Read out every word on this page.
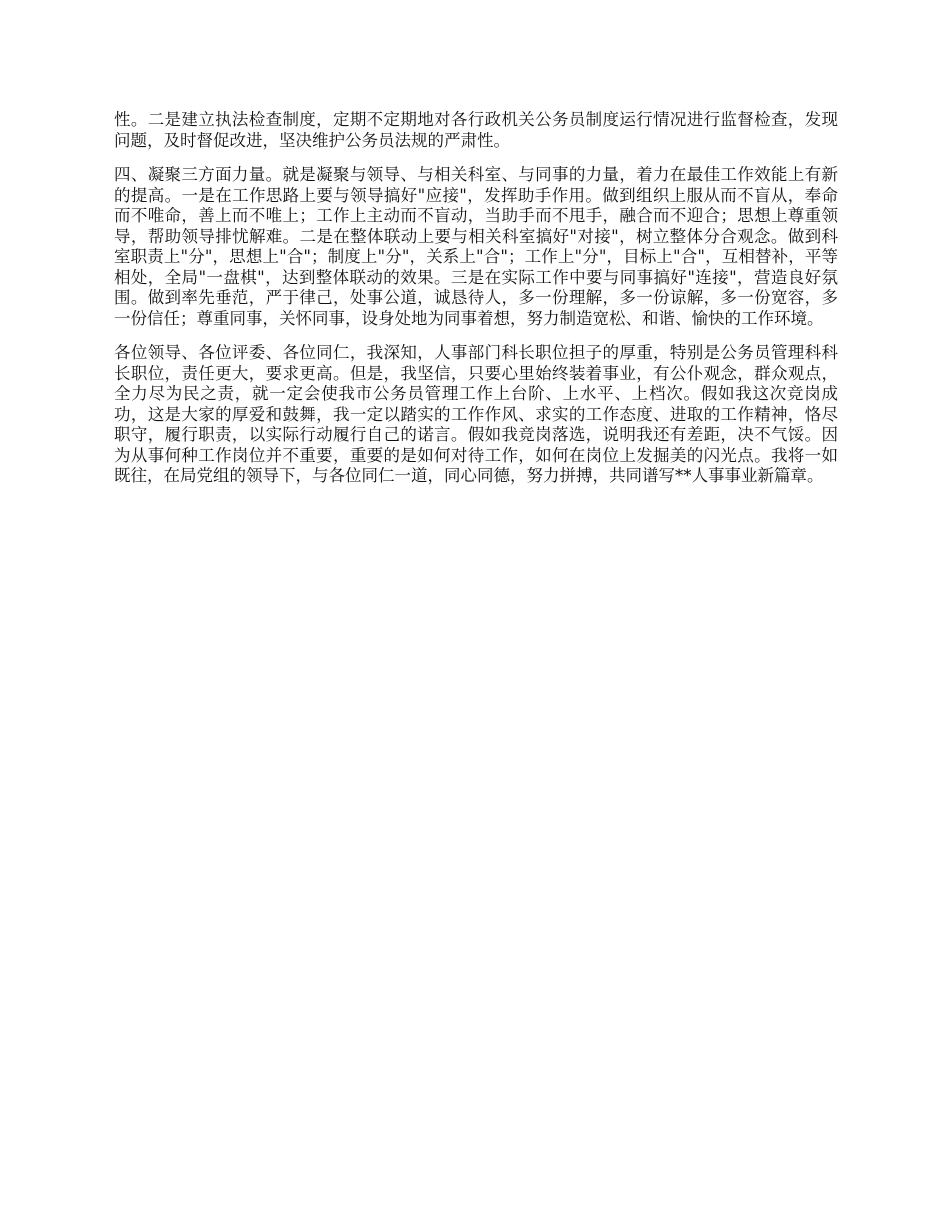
性。二是建立执法检查制度，定期不定期地对各行政机关公务员制度运行情况进行监督检查，发现问题，及时督促改进，坚决维护公务员法规的严肃性。

四、凝聚三方面力量。就是凝聚与领导、与相关科室、与同事的力量，着力在最佳工作效能上有新的提高。一是在工作思路上要与领导搞好"应接"，发挥助手作用。做到组织上服从而不盲从，奉命而不唯命，善上而不唯上；工作上主动而不盲动，当助手而不甩手，融合而不迎合；思想上尊重领导，帮助领导排忧解难。二是在整体联动上要与相关科室搞好"对接"，树立整体分合观念。做到科室职责上"分"，思想上"合"；制度上"分"，关系上"合"；工作上"分"，目标上"合"，互相替补，平等相处，全局"一盘棋"，达到整体联动的效果。三是在实际工作中要与同事搞好"连接"，营造良好氛围。做到率先垂范，严于律己，处事公道，诚恳待人，多一份理解，多一份谅解，多一份宽容，多一份信任；尊重同事，关怀同事，设身处地为同事着想，努力制造宽松、和谐、愉快的工作环境。

各位领导、各位评委、各位同仁，我深知，人事部门科长职位担子的厚重，特别是公务员管理科科长职位，责任更大，要求更高。但是，我坚信，只要心里始终装着事业，有公仆观念，群众观点，全力尽为民之责，就一定会使我市公务员管理工作上台阶、上水平、上档次。假如我这次竞岗成功，这是大家的厚爱和鼓舞，我一定以踏实的工作作风、求实的工作态度、进取的工作精神，恪尽职守，履行职责，以实际行动履行自己的诺言。假如我竞岗落选，说明我还有差距，决不气馁。因为从事何种工作岗位并不重要，重要的是如何对待工作，如何在岗位上发掘美的闪光点。我将一如既往，在局党组的领导下，与各位同仁一道，同心同德，努力拼搏，共同谱写**人事事业新篇章。
